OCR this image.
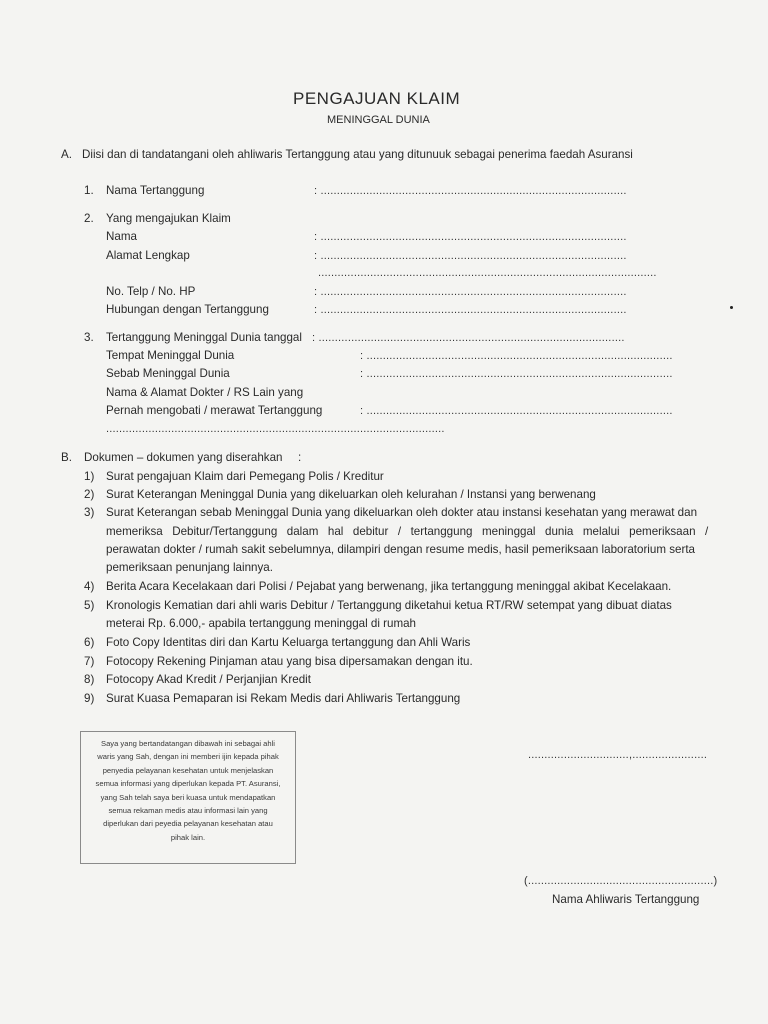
PENGAJUAN KLAIM
MENINGGAL DUNIA
A. Diisi dan di tandatangani oleh ahliwaris Tertanggung atau yang ditunuuk sebagai penerima faedah Asuransi
1. Nama Tertanggung	: ..............................................................................................
2. Yang mengajukan Klaim
Nama	: ..............................................................................................
Alamat Lengkap	: ..............................................................................................
........................................................................................................
No. Telp / No. HP	: ..............................................................................................
Hubungan dengan Tertanggung	: ..............................................................................................
3. Tertanggung Meninggal Dunia tanggal : ..............................................................................................
Tempat Meninggal Dunia	: ..............................................................................................
Sebab Meninggal Dunia	: ..............................................................................................
Nama & Alamat Dokter / RS Lain yang
Pernah mengobati / merawat Tertanggung	: ..............................................................................................
........................................................................................................
B. Dokumen – dokumen yang diserahkan :
1) Surat pengajuan Klaim dari Pemegang Polis / Kreditur
2) Surat Keterangan Meninggal Dunia yang dikeluarkan oleh kelurahan / Instansi yang berwenang
3) Surat Keterangan sebab Meninggal Dunia yang dikeluarkan oleh dokter atau instansi kesehatan yang merawat dan
memeriksa Debitur/Tertanggung dalam hal debitur / tertanggung meninggal dunia melalui pemeriksaan /
perawatan dokter / rumah sakit sebelumnya, dilampiri dengan resume medis, hasil pemeriksaan laboratorium serta
pemeriksaan penunjang lainnya.
4) Berita Acara Kecelakaan dari Polisi / Pejabat yang berwenang, jika tertanggung meninggal akibat Kecelakaan.
5) Kronologis Kematian dari ahli waris Debitur / Tertanggung diketahui ketua RT/RW setempat yang dibuat diatas
meterai Rp. 6.000,- apabila tertanggung meninggal di rumah
6) Foto Copy Identitas diri dan Kartu Keluarga tertanggung dan Ahli Waris
7) Fotocopy Rekening Pinjaman atau yang bisa dipersamakan dengan itu.
8) Fotocopy Akad Kredit / Perjanjian Kredit
9) Surat Kuasa Pemaparan isi Rekam Medis dari Ahliwaris Tertanggung
Saya yang bertandatangan dibawah ini sebagai ahli
waris yang Sah, dengan ini memberi ijin kepada pihak
penyedia pelayanan kesehatan untuk menjelaskan
semua informasi yang diperlukan kepada PT. Asuransi,
yang Sah telah saya beri kuasa untuk mendapatkan
semua rekaman medis atau informasi lain yang
diperlukan dari peyedia pelayanan kesehatan atau
pihak lain.
...............................,.......................
(.........................................................)
Nama Ahliwaris Tertanggung
